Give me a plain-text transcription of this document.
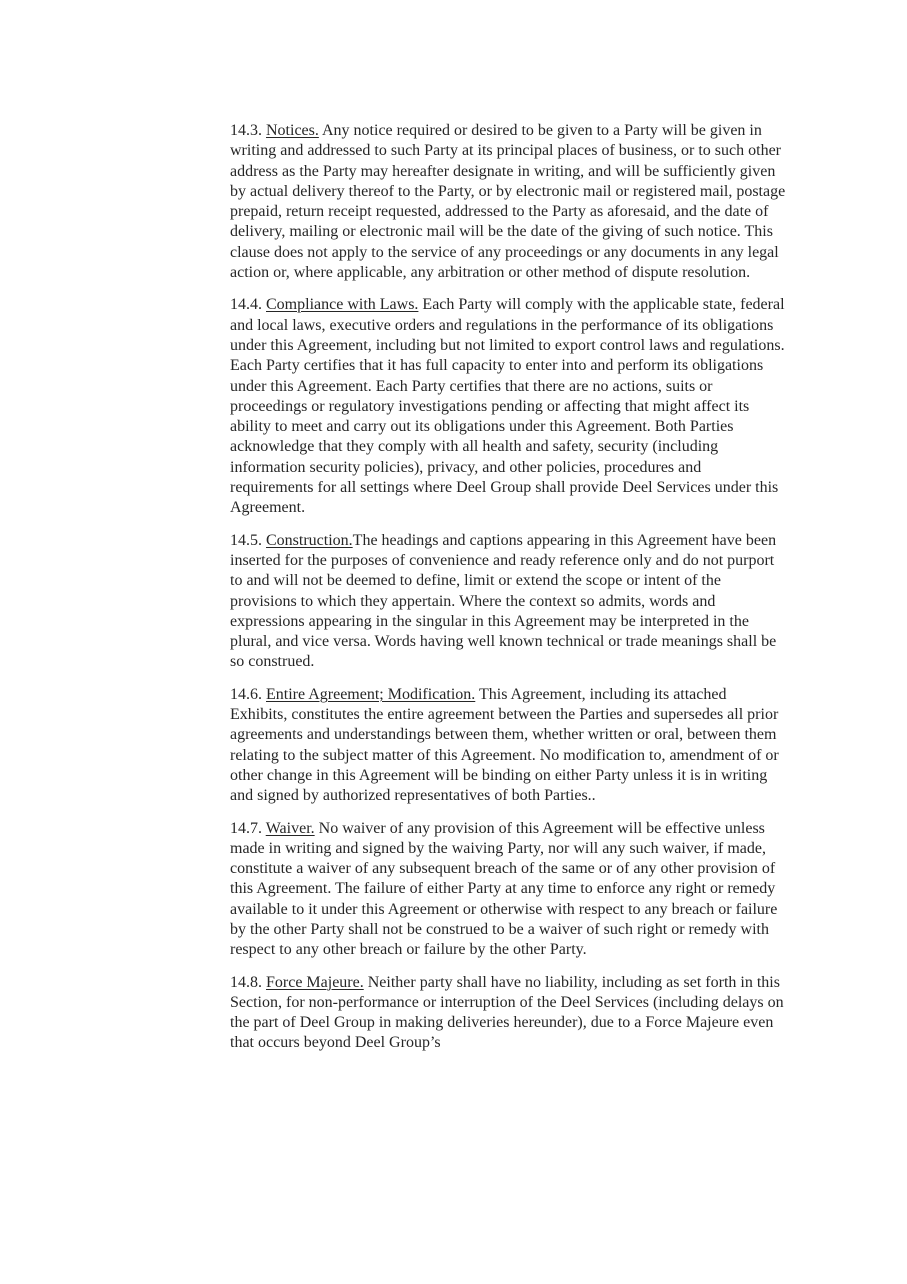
14.3. Notices. Any notice required or desired to be given to a Party will be given in writing and addressed to such Party at its principal places of business, or to such other address as the Party may hereafter designate in writing, and will be sufficiently given by actual delivery thereof to the Party, or by electronic mail or registered mail, postage prepaid, return receipt requested, addressed to the Party as aforesaid, and the date of delivery, mailing or electronic mail will be the date of the giving of such notice. This clause does not apply to the service of any proceedings or any documents in any legal action or, where applicable, any arbitration or other method of dispute resolution.

14.4. Compliance with Laws. Each Party will comply with the applicable state, federal and local laws, executive orders and regulations in the performance of its obligations under this Agreement, including but not limited to export control laws and regulations. Each Party certifies that it has full capacity to enter into and perform its obligations under this Agreement. Each Party certifies that there are no actions, suits or proceedings or regulatory investigations pending or affecting that might affect its ability to meet and carry out its obligations under this Agreement. Both Parties acknowledge that they comply with all health and safety, security (including information security policies), privacy, and other policies, procedures and requirements for all settings where Deel Group shall provide Deel Services under this Agreement.

14.5. Construction.The headings and captions appearing in this Agreement have been inserted for the purposes of convenience and ready reference only and do not purport to and will not be deemed to define, limit or extend the scope or intent of the provisions to which they appertain. Where the context so admits, words and expressions appearing in the singular in this Agreement may be interpreted in the plural, and vice versa. Words having well known technical or trade meanings shall be so construed.

14.6. Entire Agreement; Modification. This Agreement, including its attached Exhibits, constitutes the entire agreement between the Parties and supersedes all prior agreements and understandings between them, whether written or oral, between them relating to the subject matter of this Agreement. No modification to, amendment of or other change in this Agreement will be binding on either Party unless it is in writing and signed by authorized representatives of both Parties..

14.7. Waiver. No waiver of any provision of this Agreement will be effective unless made in writing and signed by the waiving Party, nor will any such waiver, if made, constitute a waiver of any subsequent breach of the same or of any other provision of this Agreement. The failure of either Party at any time to enforce any right or remedy available to it under this Agreement or otherwise with respect to any breach or failure by the other Party shall not be construed to be a waiver of such right or remedy with respect to any other breach or failure by the other Party.

14.8. Force Majeure. Neither party shall have no liability, including as set forth in this Section, for non-performance or interruption of the Deel Services (including delays on the part of Deel Group in making deliveries hereunder), due to a Force Majeure even that occurs beyond Deel Group’s
